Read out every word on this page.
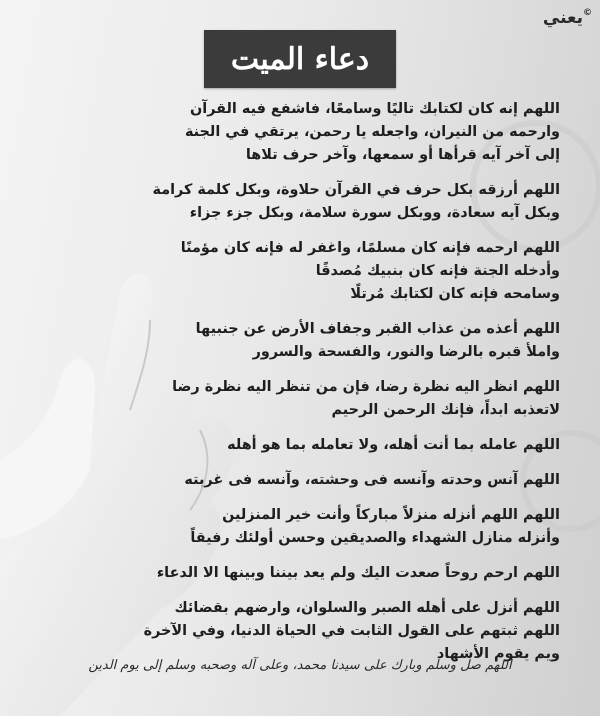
©يعني
دعاء الميت
اللهم إنه كان لكتابك تاليًا وسامعًا، فاشفع فيه القرآن
وارحمه من النيران، واجعله يا رحمن، يرتقي في الجنة
إلى آخر آيه قرأها أو سمعها، وآخر حرف تلاها
اللهم أرزقه بكل حرف في القرآن حلاوة، وبكل كلمة كرامة
وبكل آيه سعادة، ووبكل سورة سلامة، وبكل جزء جزاء
اللهم ارحمه فإنه كان مسلمًا، واغفر له فإنه كان مؤمنًا
وأدخله الجنة فإنه كان بنبيك مُصدقًا
وسامحه فإنه كان لكتابك مُرتلًا
اللهم أعذه من عذاب القبر وجفاف الأرض عن جنبيها
واملأ قبره بالرضا والنور، والفسحة والسرور
اللهم انظر اليه نظرة رضا، فإن من تنظر اليه نظرة رضا
لاتعذبه ابداً، فإنك الرحمن الرحيم
اللهم عامله بما أنت أهله، ولا تعامله بما هو أهله
اللهم آنس وحدته وآنسه فى وحشته، وآنسه فى غربته
اللهم اللهم أنزله منزلاً مباركاً وأنت خير المنزلين
وأنزله منازل الشهداء والصديقين وحسن أولئك رفيقاً
اللهم ارحم روحاً صعدت اليك ولم يعد بيننا وبينها الا الدعاء
اللهم أنزل على أهله الصبر والسلوان، وارضهم بقضائك
اللهم ثبتهم على القول الثابت في الحياة الدنيا، وفي الآخرة
ويم يقوم الأشهاد
اللهم صل وسلم وبارك على سيدنا محمد، وعلى آله وصحبه وسلم إلى يوم الدين
